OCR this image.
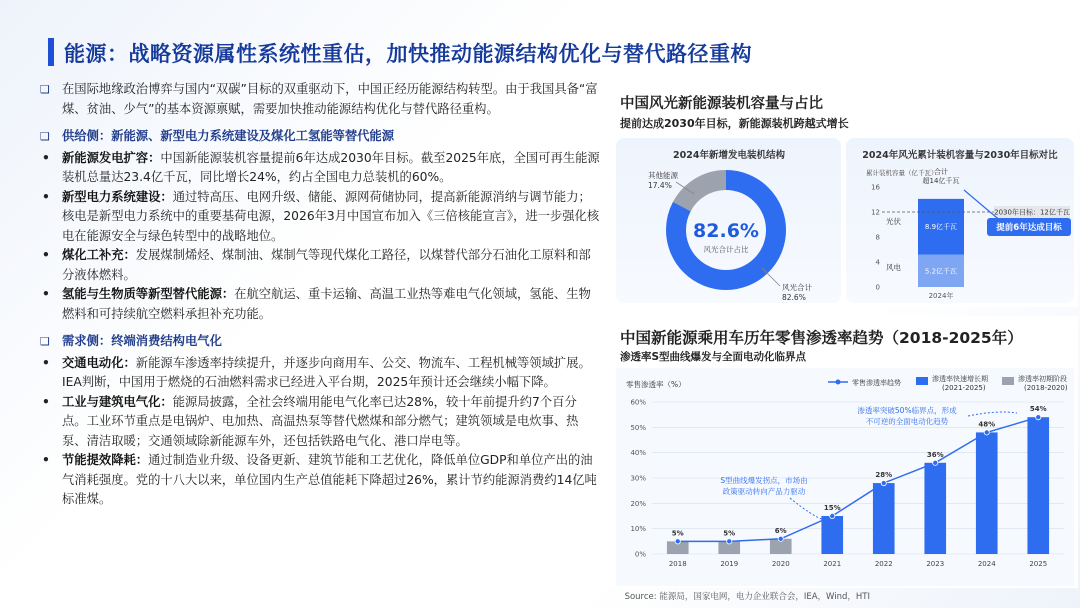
能源：战略资源属性系统性重估，加快推动能源结构优化与替代路径重构
❑ 在国际地缘政治博弈与国内“双碳”目标的双重驱动下，中国正经历能源结构转型。由于我国具备“富煤、贫油、少气”的基本资源禀赋，需要加快推动能源结构优化与替代路径重构。
❑ 供给侧：新能源、新型电力系统建设及煤化工氢能等替代能源
• 新能源发电扩容：中国新能源装机容量提前6年达成2030年目标。截至2025年底，全国可再生能源装机总量达23.4亿千瓦，同比增长24%，约占全国电力总装机的60%。
• 新型电力系统建设：通过特高压、电网升级、储能、源网荷储协同，提高新能源消纳与调节能力；核电是新型电力系统中的重要基荷电源，2026年3月中国宣布加入《三倍核能宣言》，进一步强化核电在能源安全与绿色转型中的战略地位。
• 煤化工补充：发展煤制烯烃、煤制油、煤制气等现代煤化工路径，以煤替代部分石油化工原料和部分液体燃料。
• 氢能与生物质等新型替代能源：在航空航运、重卡运输、高温工业热等难电气化领域，氢能、生物燃料和可持续航空燃料承担补充功能。
❑ 需求侧：终端消费结构电气化
• 交通电动化：新能源车渗透率持续提升，并逐步向商用车、公交、物流车、工程机械等领域扩展。IEA判断，中国用于燃烧的石油燃料需求已经进入平台期，2025年预计还会继续小幅下降。
• 工业与建筑电气化：能源局披露，全社会终端用能电气化率已达28%，较十年前提升约7个百分点。工业环节重点是电锅炉、电加热、高温热泵等替代燃煤和部分燃气；建筑领域是电炊事、热泵、清洁取暖；交通领域除新能源车外，还包括铁路电气化、港口岸电等。
• 节能提效降耗：通过制造业升级、设备更新、建筑节能和工艺优化，降低单位GDP和单位产出的油气消耗强度。党的十八大以来，单位国内生产总值能耗下降超过26%，累计节约能源消费约14亿吨标准煤。
中国风光新能源装机容量与占比
提前达成2030年目标，新能源装机跨越式增长
2024年新增发电装机结构
82.6%
风光合计占比
其他能源
17.4%
风光合计
82.6%
2024年风光累计装机容量与2030年目标对比
累计装机容量（亿千瓦）
16
12
8
4
0
2030年目标：12亿千瓦
光伏
风电
8.9亿千瓦
5.2亿千瓦
合计
超14亿千瓦
2024年
提前6年达成目标
中国新能源乘用车历年零售渗透率趋势（2018-2025年）
渗透率S型曲线爆发与全面电动化临界点
零售渗透率（%）	零售渗透率趋势	渗透率快速增长期
(2021-2025)
渗透率初期阶段
(2018-2020)
60%
50%
40%
30%
20%
10%
0%
5%	5%	6%
15%
28%
36%
48%
54%
2018	2019	2020	2021	2022	2023	2024	2025
S型曲线爆发拐点，市场由
政策驱动转向产品力驱动
渗透率突破50%临界点，形成
不可逆的全面电动化趋势
Source: 能源局，国家电网，电力企业联合会，IEA，Wind，HTI
